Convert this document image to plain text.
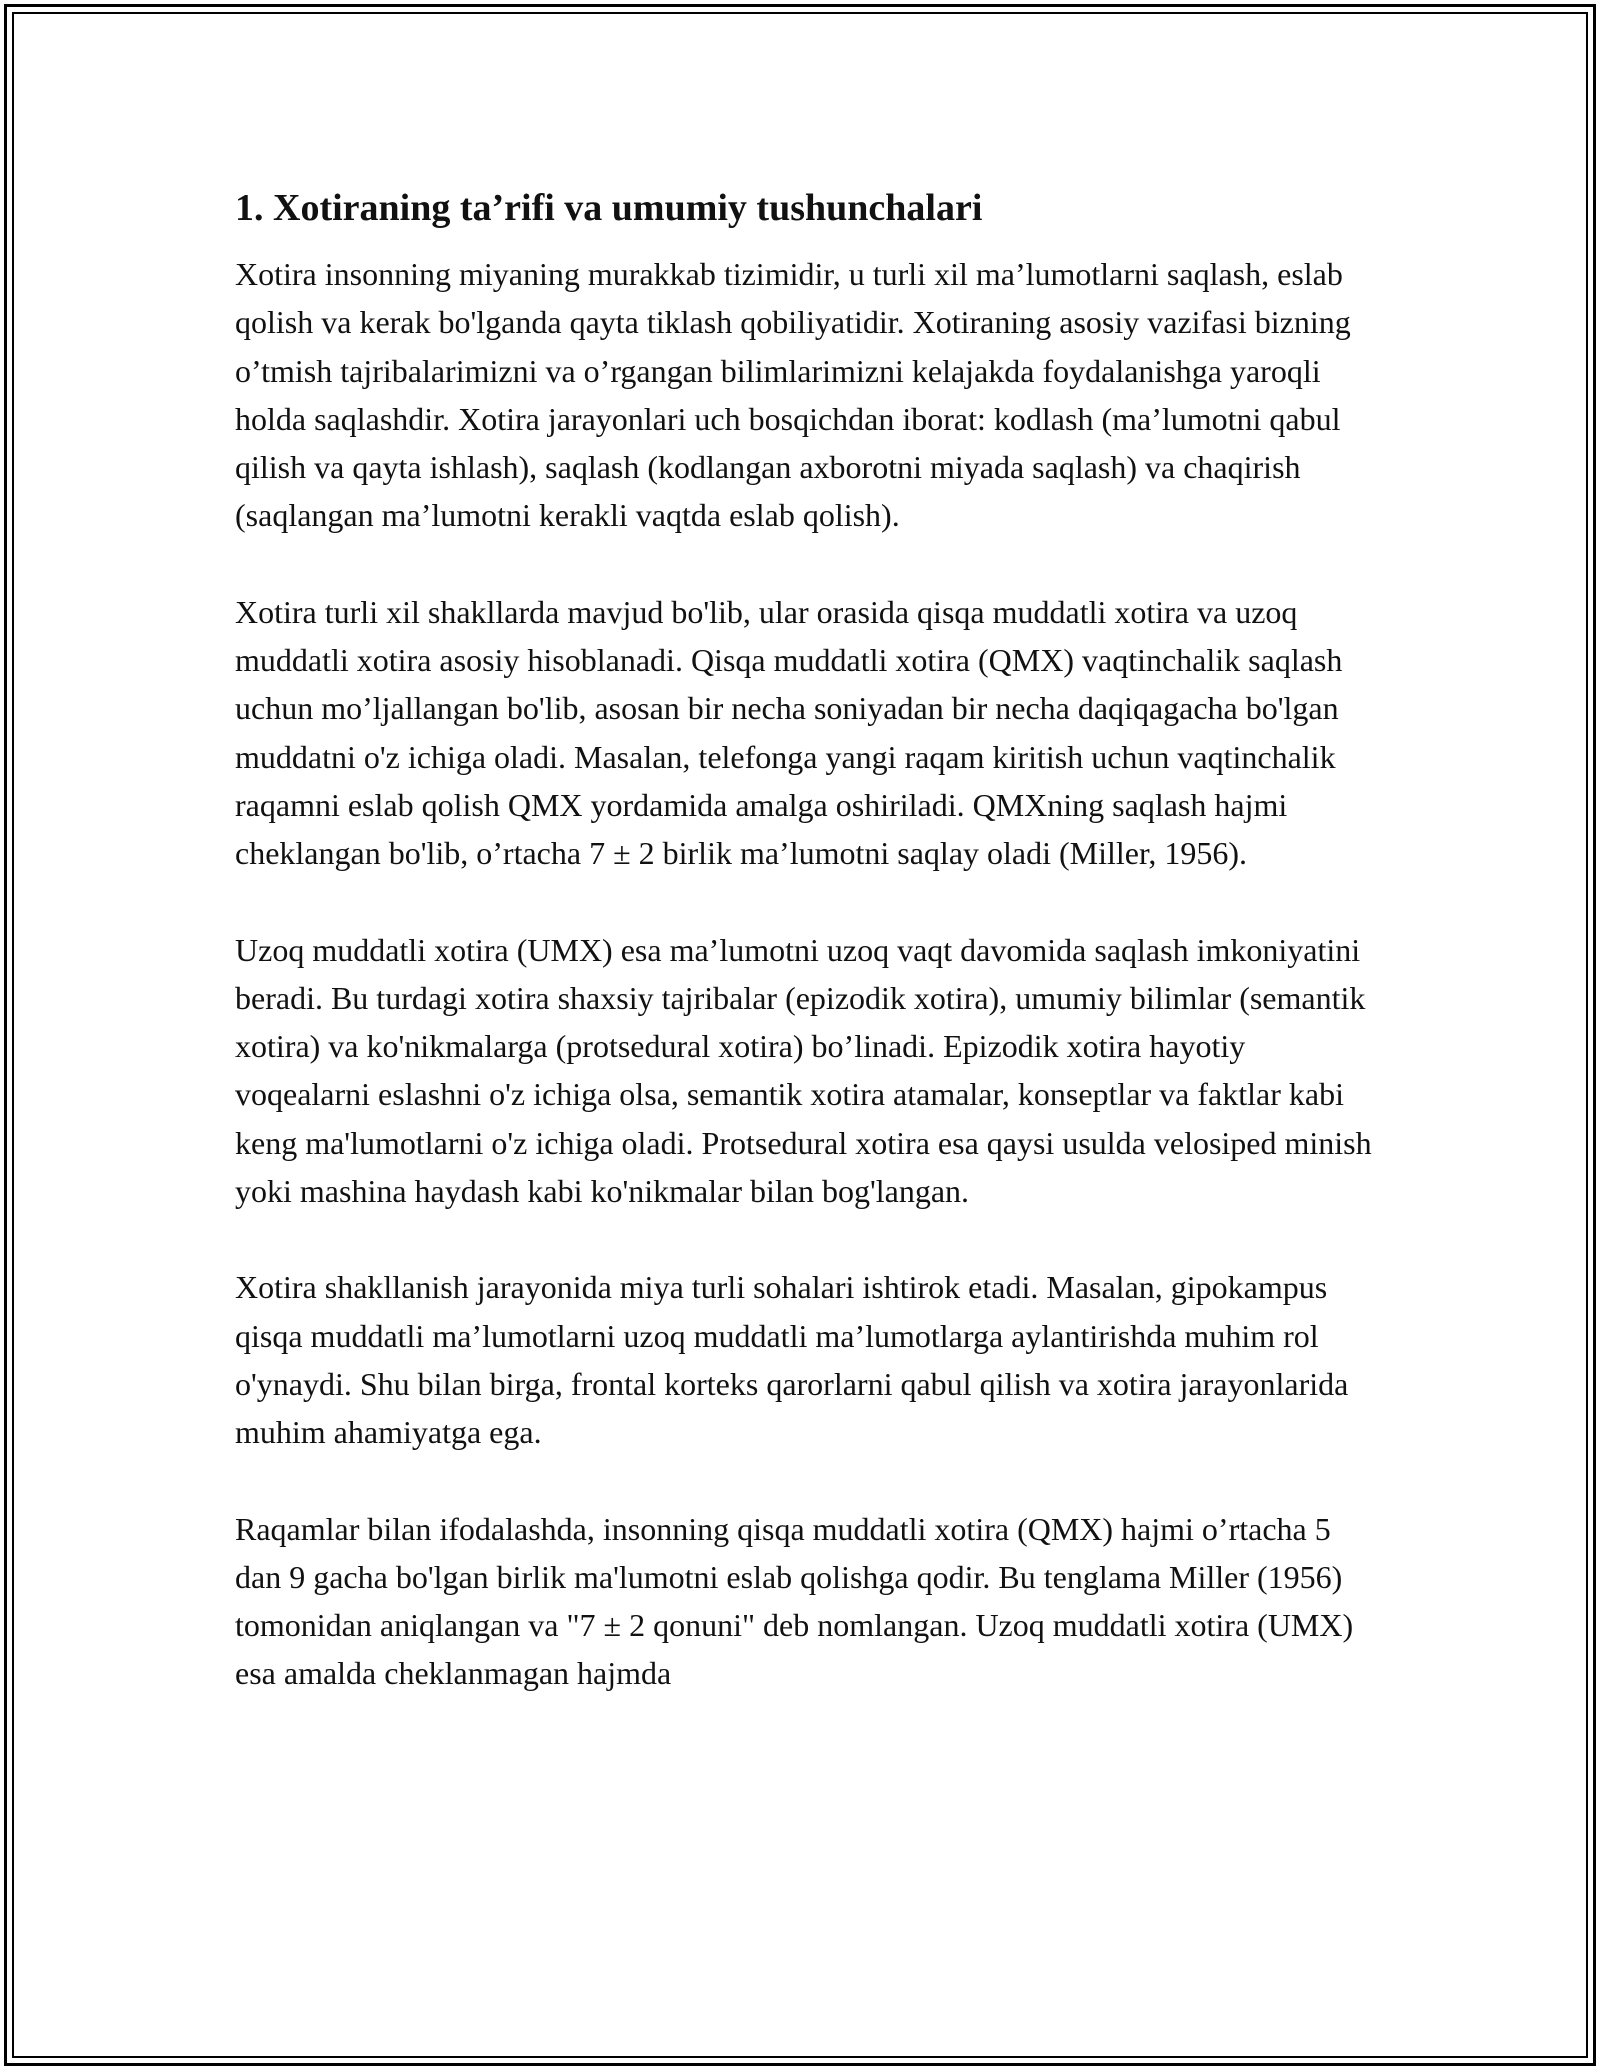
1. Xotiraning ta’rifi va umumiy tushunchalari

Xotira insonning miyaning murakkab tizimidir, u turli xil ma’lumotlarni saqlash, eslab qolish va kerak bo'lganda qayta tiklash qobiliyatidir. Xotiraning asosiy vazifasi bizning o’tmish tajribalarimizni va o’rgangan bilimlarimizni kelajakda foydalanishga yaroqli holda saqlashdir. Xotira jarayonlari uch bosqichdan iborat: kodlash (ma’lumotni qabul qilish va qayta ishlash), saqlash (kodlangan axborotni miyada saqlash) va chaqirish (saqlangan ma’lumotni kerakli vaqtda eslab qolish).

Xotira turli xil shakllarda mavjud bo'lib, ular orasida qisqa muddatli xotira va uzoq muddatli xotira asosiy hisoblanadi. Qisqa muddatli xotira (QMX) vaqtinchalik saqlash uchun mo’ljallangan bo'lib, asosan bir necha soniyadan bir necha daqiqagacha bo'lgan muddatni o'z ichiga oladi. Masalan, telefonga yangi raqam kiritish uchun vaqtinchalik raqamni eslab qolish QMX yordamida amalga oshiriladi. QMXning saqlash hajmi cheklangan bo'lib, o’rtacha 7 ± 2 birlik ma’lumotni saqlay oladi (Miller, 1956).

Uzoq muddatli xotira (UMX) esa ma’lumotni uzoq vaqt davomida saqlash imkoniyatini beradi. Bu turdagi xotira shaxsiy tajribalar (epizodik xotira), umumiy bilimlar (semantik xotira) va ko'nikmalarga (protsedural xotira) bo’linadi. Epizodik xotira hayotiy voqealarni eslashni o'z ichiga olsa, semantik xotira atamalar, konseptlar va faktlar kabi keng ma'lumotlarni o'z ichiga oladi. Protsedural xotira esa qaysi usulda velosiped minish yoki mashina haydash kabi ko'nikmalar bilan bog'langan.

Xotira shakllanish jarayonida miya turli sohalari ishtirok etadi. Masalan, gipokampus qisqa muddatli ma’lumotlarni uzoq muddatli ma’lumotlarga aylantirishda muhim rol o'ynaydi. Shu bilan birga, frontal korteks qarorlarni qabul qilish va xotira jarayonlarida muhim ahamiyatga ega.

Raqamlar bilan ifodalashda, insonning qisqa muddatli xotira (QMX) hajmi o’rtacha 5 dan 9 gacha bo'lgan birlik ma'lumotni eslab qolishga qodir. Bu tenglama Miller (1956) tomonidan aniqlangan va "7 ± 2 qonuni" deb nomlangan. Uzoq muddatli xotira (UMX) esa amalda cheklanmagan hajmda
